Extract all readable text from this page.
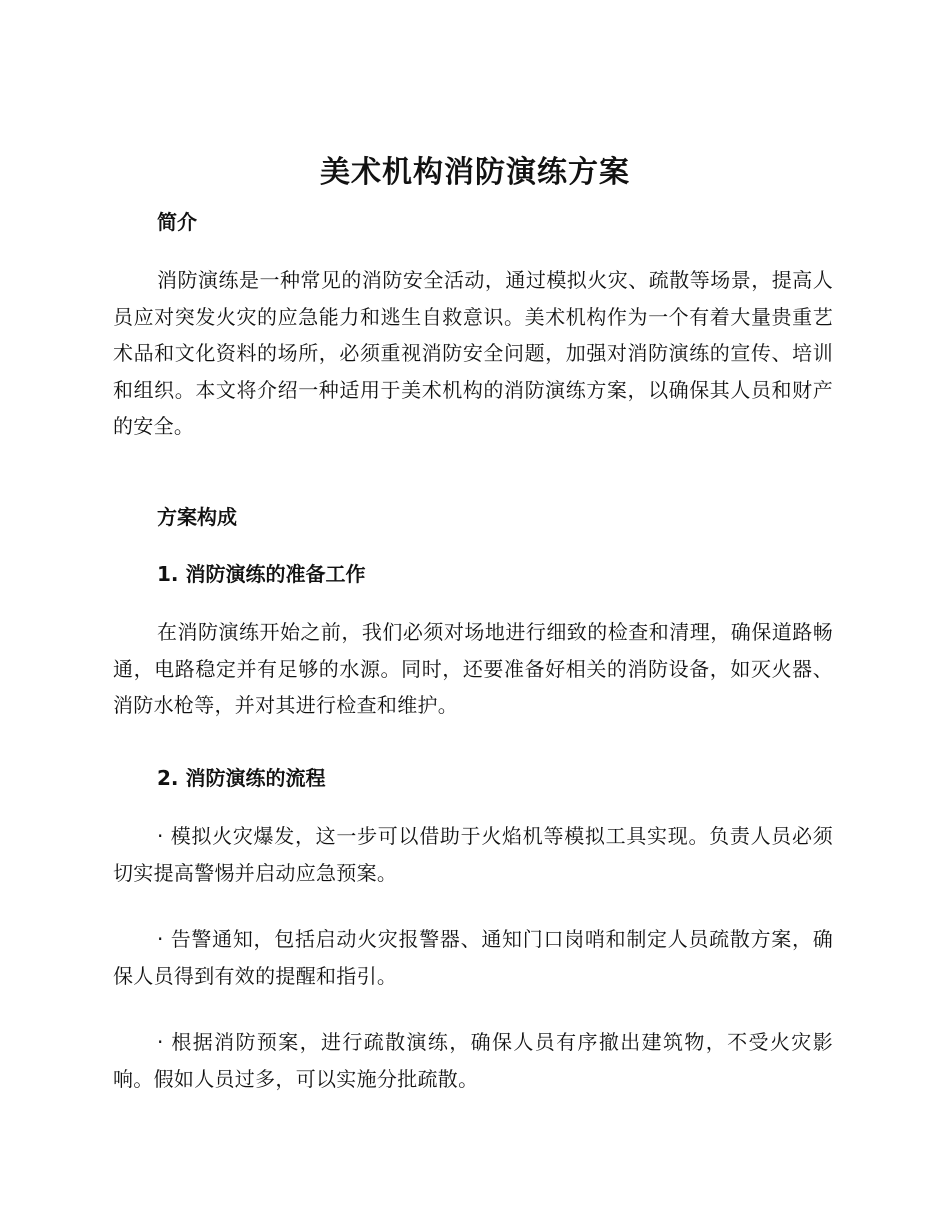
美术机构消防演练方案
简介

消防演练是一种常见的消防安全活动，通过模拟火灾、疏散等场景，提高人员应对突发火灾的应急能力和逃生自救意识。美术机构作为一个有着大量贵重艺术品和文化资料的场所，必须重视消防安全问题，加强对消防演练的宣传、培训和组织。本文将介绍一种适用于美术机构的消防演练方案，以确保其人员和财产的安全。

方案构成
1. 消防演练的准备工作

在消防演练开始之前，我们必须对场地进行细致的检查和清理，确保道路畅通，电路稳定并有足够的水源。同时，还要准备好相关的消防设备，如灭火器、消防水枪等，并对其进行检查和维护。

2. 消防演练的流程

· 模拟火灾爆发，这一步可以借助于火焰机等模拟工具实现。负责人员必须切实提高警惕并启动应急预案。

· 告警通知，包括启动火灾报警器、通知门口岗哨和制定人员疏散方案，确保人员得到有效的提醒和指引。

· 根据消防预案，进行疏散演练，确保人员有序撤出建筑物，不受火灾影响。假如人员过多，可以实施分批疏散。
